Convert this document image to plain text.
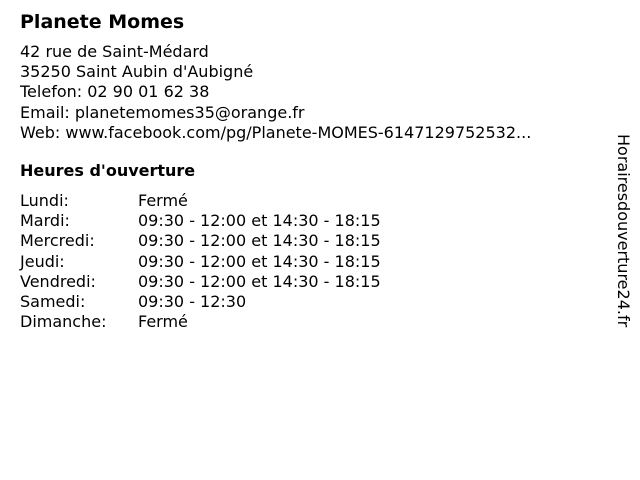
Planete Momes
42 rue de Saint-Médard
35250 Saint Aubin d'Aubigné
Telefon: 02 90 01 62 38
Email: planetemomes35@orange.fr
Web: www.facebook.com/pg/Planete-MOMES-6147129752532...
Heures d'ouverture
Lundi:	Fermé
Mardi:	09:30 - 12:00 et 14:30 - 18:15
Mercredi:	09:30 - 12:00 et 14:30 - 18:15
Jeudi:	09:30 - 12:00 et 14:30 - 18:15
Vendredi:	09:30 - 12:00 et 14:30 - 18:15
Samedi:	09:30 - 12:30
Dimanche:	Fermé	Horairesdouverture24.fr
